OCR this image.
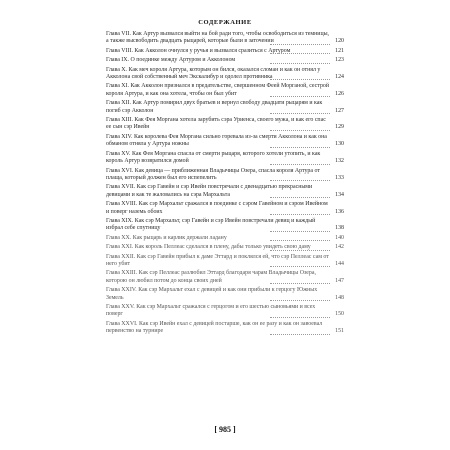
СОДЕРЖАНИЕ
Глава VII. Как Артур вызвался выйти на бой ради того, чтобы освободиться из темницы, а также высвободить двадцать рыцарей, которые были в заточении	120
Глава VIII. Как Акколон очнулся у ручья и вызвался сразиться с Артуром	121
Глава IX. О поединке между Артуром и Акколоном	123
Глава X. Как меч короля Артура, которым он бился, оказался сломан и как он отнял у Акколона свой собственный меч Экскалибур и одолел противника	124
Глава XI. Как Акколон признался в предательстве, свершенном Феей Морганой, сестрой короля Артура, и как она хотела, чтобы он был убит	126
Глава XII. Как Артур помирил двух братьев и вернул свободу двадцати рыцарям и как погиб сэр Акколон	127
Глава XIII. Как Фея Моргана хотела зарубить сэра Уриенса, своего мужа, и как его спас ее сын сэр Ивейн	129
Глава XIV. Как королева Фея Моргана сильно горевала из-за смерти Акколона и как она обманом отняла у Артура ножны	130
Глава XV. Как Фея Моргана спасла от смерти рыцаря, которого хотели утопить, и как король Артур возвратился домой	132
Глава XVI. Как девица — приближенная Владычицы Озера, спасла короля Артура от плаща, который должен был его испепелить	133
Глава XVII. Как сэр Гавейн и сэр Ивейн повстречали с двенадцатью прекрасными девицами и как те жаловались на сэра Мархальта	134
Глава XVIII. Как сэр Мархальт сражался в поединке с сэром Гавейном и сэром Ивейном и поверг наземь обоих	136
Глава XIX. Как сэр Мархальт, сэр Гавейн и сэр Ивейн повстречали девиц и каждый избрал себе спутницу	138
Глава XX. Как рыцарь и карлик держали ладану	140
Глава XXI. Как король Пеллеас сделался в плену, дабы только увидеть свою даму	142
Глава XXII. Как сэр Гавейн прибыл к даме Эттард и поклялся ей, что сэр Пеллеас сам от него убит	144
Глава XXIII. Как сэр Пеллеас разлюбил Эттард благодаря чарам Владычицы Озера, которою он любил потом до конца своих дней	147
Глава XXIV. Как сэр Мархальт ехал с девицей и как они прибыли к герцогу Южных Земель	148
Глава XXV. Как сэр Мархальт сражался с герцогом и его шестью сыновьями и всех поверг	150
Глава XXVI. Как сэр Ивейн ехал с девицей постарше, как он ее разу и как он завоевал первенство на турнире	151
[ 985 ]
